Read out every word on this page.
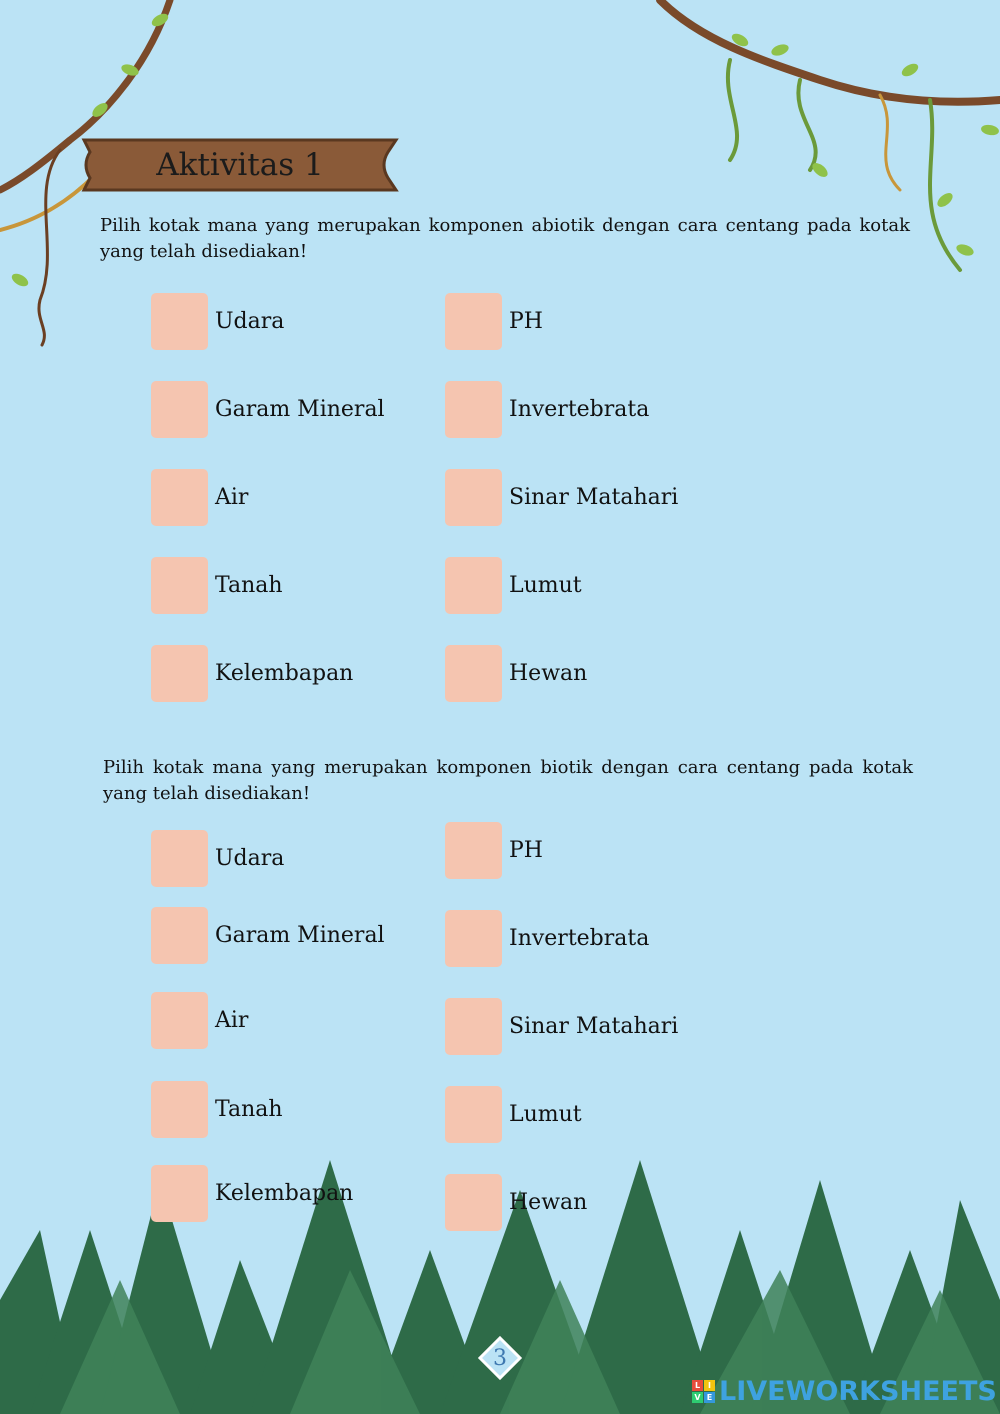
Aktivitas 1
Pilih kotak mana yang merupakan komponen abiotik dengan cara centang pada kotak yang telah disediakan!
Udara
Garam Mineral
Air
Tanah
Kelembapan
PH
Invertebrata
Sinar Matahari
Lumut
Hewan
Pilih kotak mana yang merupakan komponen biotik dengan cara centang pada kotak yang telah disediakan!
Udara
Garam Mineral
Air
Tanah
Kelembapan
PH
Invertebrata
Sinar Matahari
Lumut
Hewan
3
L I
V E LIVEWORKSHEETS
